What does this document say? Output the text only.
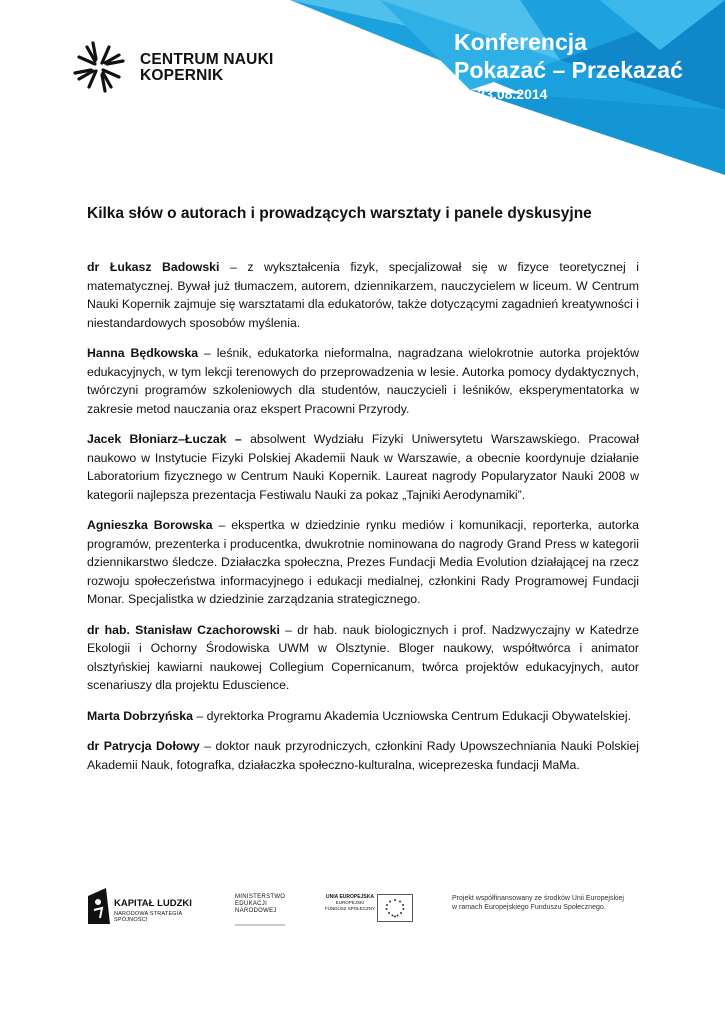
Konferencja
Pokazać – Przekazać
22–23.08.2014
CENTRUM NAUKI
KOPERNIK
Kilka słów o autorach i prowadzących warsztaty i panele dyskusyjne

dr Łukasz Badowski – z wykształcenia fizyk, specjalizował się w fizyce teoretycznej i matematycznej. Bywał już tłumaczem, autorem, dziennikarzem, nauczycielem w liceum. W Centrum Nauki Kopernik zajmuje się warsztatami dla edukatorów, także dotyczącymi zagadnień kreatywności i niestandardowych sposobów myślenia.

Hanna Będkowska – leśnik, edukatorka nieformalna, nagradzana wielokrotnie autorka projektów edukacyjnych, w tym lekcji terenowych do przeprowadzenia w lesie. Autorka pomocy dydaktycznych, twórczyni programów szkoleniowych dla studentów, nauczycieli i leśników, eksperymentatorka w zakresie metod nauczania oraz ekspert Pracowni Przyrody.

Jacek Błoniarz–Łuczak – absolwent Wydziału Fizyki Uniwersytetu Warszawskiego. Pracował naukowo w Instytucie Fizyki Polskiej Akademii Nauk w Warszawie, a obecnie koordynuje działanie Laboratorium fizycznego w Centrum Nauki Kopernik. Laureat nagrody Popularyzator Nauki 2008 w kategorii najlepsza prezentacja Festiwalu Nauki za pokaz „Tajniki Aerodynamiki”.

Agnieszka Borowska – ekspertka w dziedzinie rynku mediów i komunikacji, reporterka, autorka programów, prezenterka i producentka, dwukrotnie nominowana do nagrody Grand Press w kategorii dziennikarstwo śledcze. Działaczka społeczna, Prezes Fundacji Media Evolution działającej na rzecz rozwoju społeczeństwa informacyjnego i edukacji medialnej, członkini Rady Programowej Fundacji Monar. Specjalistka w dziedzinie zarządzania strategicznego.

dr hab. Stanisław Czachorowski – dr hab. nauk biologicznych i prof. Nadzwyczajny w Katedrze Ekologii i Ochorny Środowiska UWM w Olsztynie. Bloger naukowy, współtwórca i animator olsztyńskiej kawiarni naukowej Collegium Copernicanum, twórca projektów edukacyjnych, autor scenariuszy dla projektu Eduscience.

Marta Dobrzyńska – dyrektorka Programu Akademia Uczniowska Centrum Edukacji Obywatelskiej.

dr Patrycja Dołowy – doktor nauk przyrodniczych, członkini Rady Upowszechniania Nauki Polskiej Akademii Nauk, fotografka, działaczka społeczno-kulturalna, wiceprezeska fundacji MaMa.

KAPITAŁ LUDZKI
NARODOWA STRATEGIA SPÓJNOŚCI
MINISTERSTWO
EDUKACJI
NARODOWEJ
UNIA EUROPEJSKA
EUROPEJSKI
FUNDUSZ SPOŁECZNY
Projekt współfinansowany ze środków Unii Europejskiej
w ramach Europejskiego Funduszu Społecznego.
